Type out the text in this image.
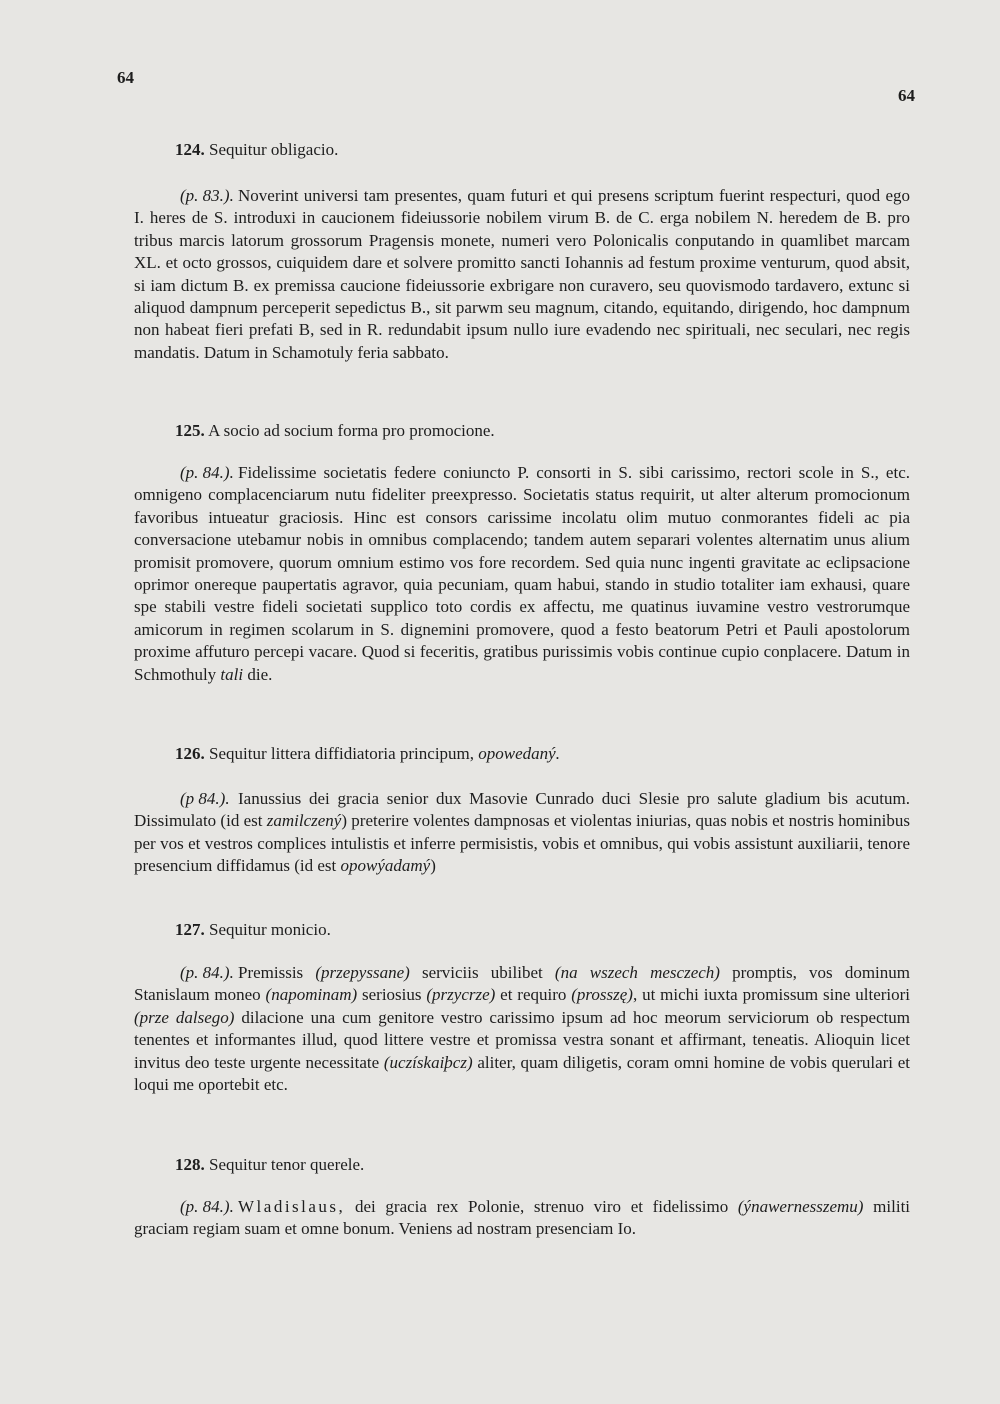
64
64
124. Sequitur obligacio.

(p. 83.). Noverint universi tam presentes, quam futuri et qui presens scriptum fuerint respecturi, quod ego I. heres de S. introduxi in caucionem fideiussorie nobilem virum B. de C. erga nobilem N. heredem de B. pro tribus marcis latorum grossorum Pragensis monete, numeri vero Polonicalis conputando in quamlibet marcam XL. et octo grossos, cuiquidem dare et solvere promitto sancti Iohannis ad festum proxime venturum, quod absit, si iam dictum B. ex premissa caucione fideiussorie exbrigare non curavero, seu quovismodo tardavero, extunc si aliquod dampnum perceperit sepedictus B., sit parwm seu magnum, citando, equitando, dirigendo, hoc dampnum non habeat fieri prefati B, sed in R. redundabit ipsum nullo iure evadendo nec spirituali, nec seculari, nec regis mandatis. Datum in Schamotuly feria sabbato.

125. A socio ad socium forma pro promocione.

(p. 84.). Fidelissime societatis federe coniuncto P. consorti in S. sibi carissimo, rectori scole in S., etc. omnigeno complacenciarum nutu fideliter preexpresso. Societatis status requirit, ut alter alterum promocionum favoribus intueatur graciosis. Hinc est consors carissime incolatu olim mutuo conmorantes fideli ac pia conversacione utebamur nobis in omnibus complacendo; tandem autem separari volentes alternatim unus alium promisit promovere, quorum omnium estimo vos fore recordem. Sed quia nunc ingenti gravitate ac eclipsacione oprimor onereque paupertatis agravor, quia pecuniam, quam habui, stando in studio totaliter iam exhausi, quare spe stabili vestre fideli societati supplico toto cordis ex affectu, me quatinus iuvamine vestro vestrorumque amicorum in regimen scolarum in S. dignemini promovere, quod a festo beatorum Petri et Pauli apostolorum proxime affuturo percepi vacare. Quod si feceritis, gratibus purissimis vobis continue cupio conplacere. Datum in Schmothuly tali die.

126. Sequitur littera diffidiatoria principum, opowedaný.

(p 84.). Ianussius dei gracia senior dux Masovie Cunrado duci Slesie pro salute gladium bis acutum. Dissimulato (id est zamilczený) preterire volentes dampnosas et violentas iniurias, quas nobis et nostris hominibus per vos et vestros complices intulistis et inferre permisistis, vobis et omnibus, qui vobis assistunt auxiliarii, tenore presencium diffidamus (id est opowýadamý)

127. Sequitur monicio.

(p. 84.). Premissis (przepyssane) serviciis ubilibet (na wszech mesczech) promptis, vos dominum Stanislaum moneo (napominam) seriosius (przycrze) et requiro (prosszę), ut michi iuxta promissum sine ulteriori (prze dalsego) dilacione una cum genitore vestro carissimo ipsum ad hoc meorum serviciorum ob respectum tenentes et informantes illud, quod littere vestre et promissa vestra sonant et affirmant, teneatis. Alioquin licet invitus deo teste urgente necessitate (uczískaiþcz) aliter, quam diligetis, coram omni homine de vobis querulari et loqui me oportebit etc.

128. Sequitur tenor querele.

(p. 84.). Wladislaus, dei gracia rex Polonie, strenuo viro et fidelissimo (ýnawernesszemu) militi graciam regiam suam et omne bonum. Veniens ad nostram presenciam Io.
